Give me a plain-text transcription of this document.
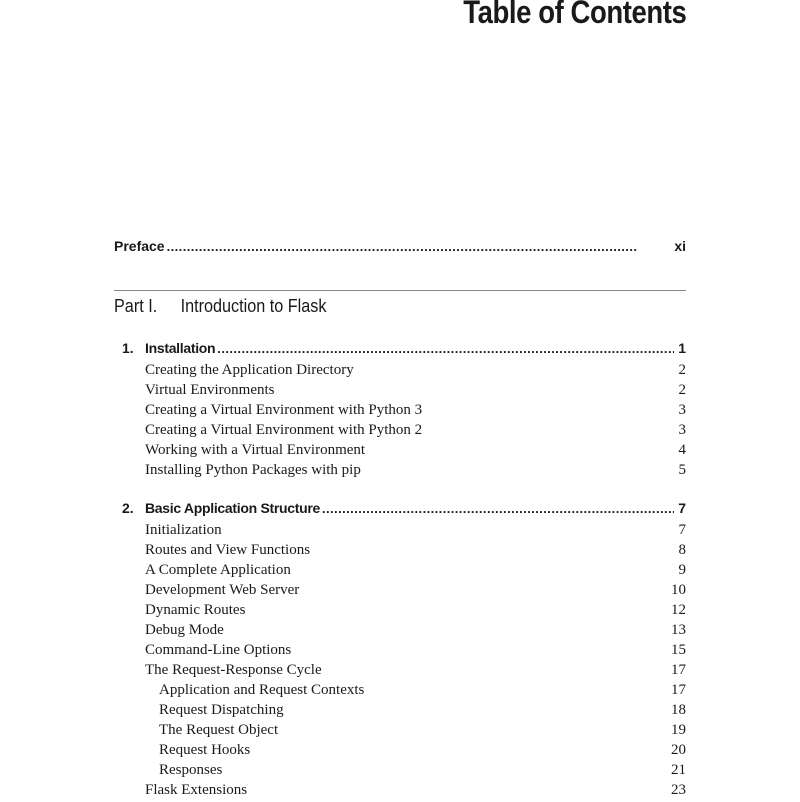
Table of Contents
Preface . . .	xi
Part I.	Introduction to Flask
1. Installation . . .	1
Creating the Application Directory	2
Virtual Environments	2
Creating a Virtual Environment with Python 3	3
Creating a Virtual Environment with Python 2	3
Working with a Virtual Environment	4
Installing Python Packages with pip	5
2. Basic Application Structure . . .	7
Initialization	7
Routes and View Functions	8
A Complete Application	9
Development Web Server	10
Dynamic Routes	12
Debug Mode	13
Command-Line Options	15
The Request-Response Cycle	17
Application and Request Contexts	17
Request Dispatching	18
The Request Object	19
Request Hooks	20
Responses	21
Flask Extensions	23
